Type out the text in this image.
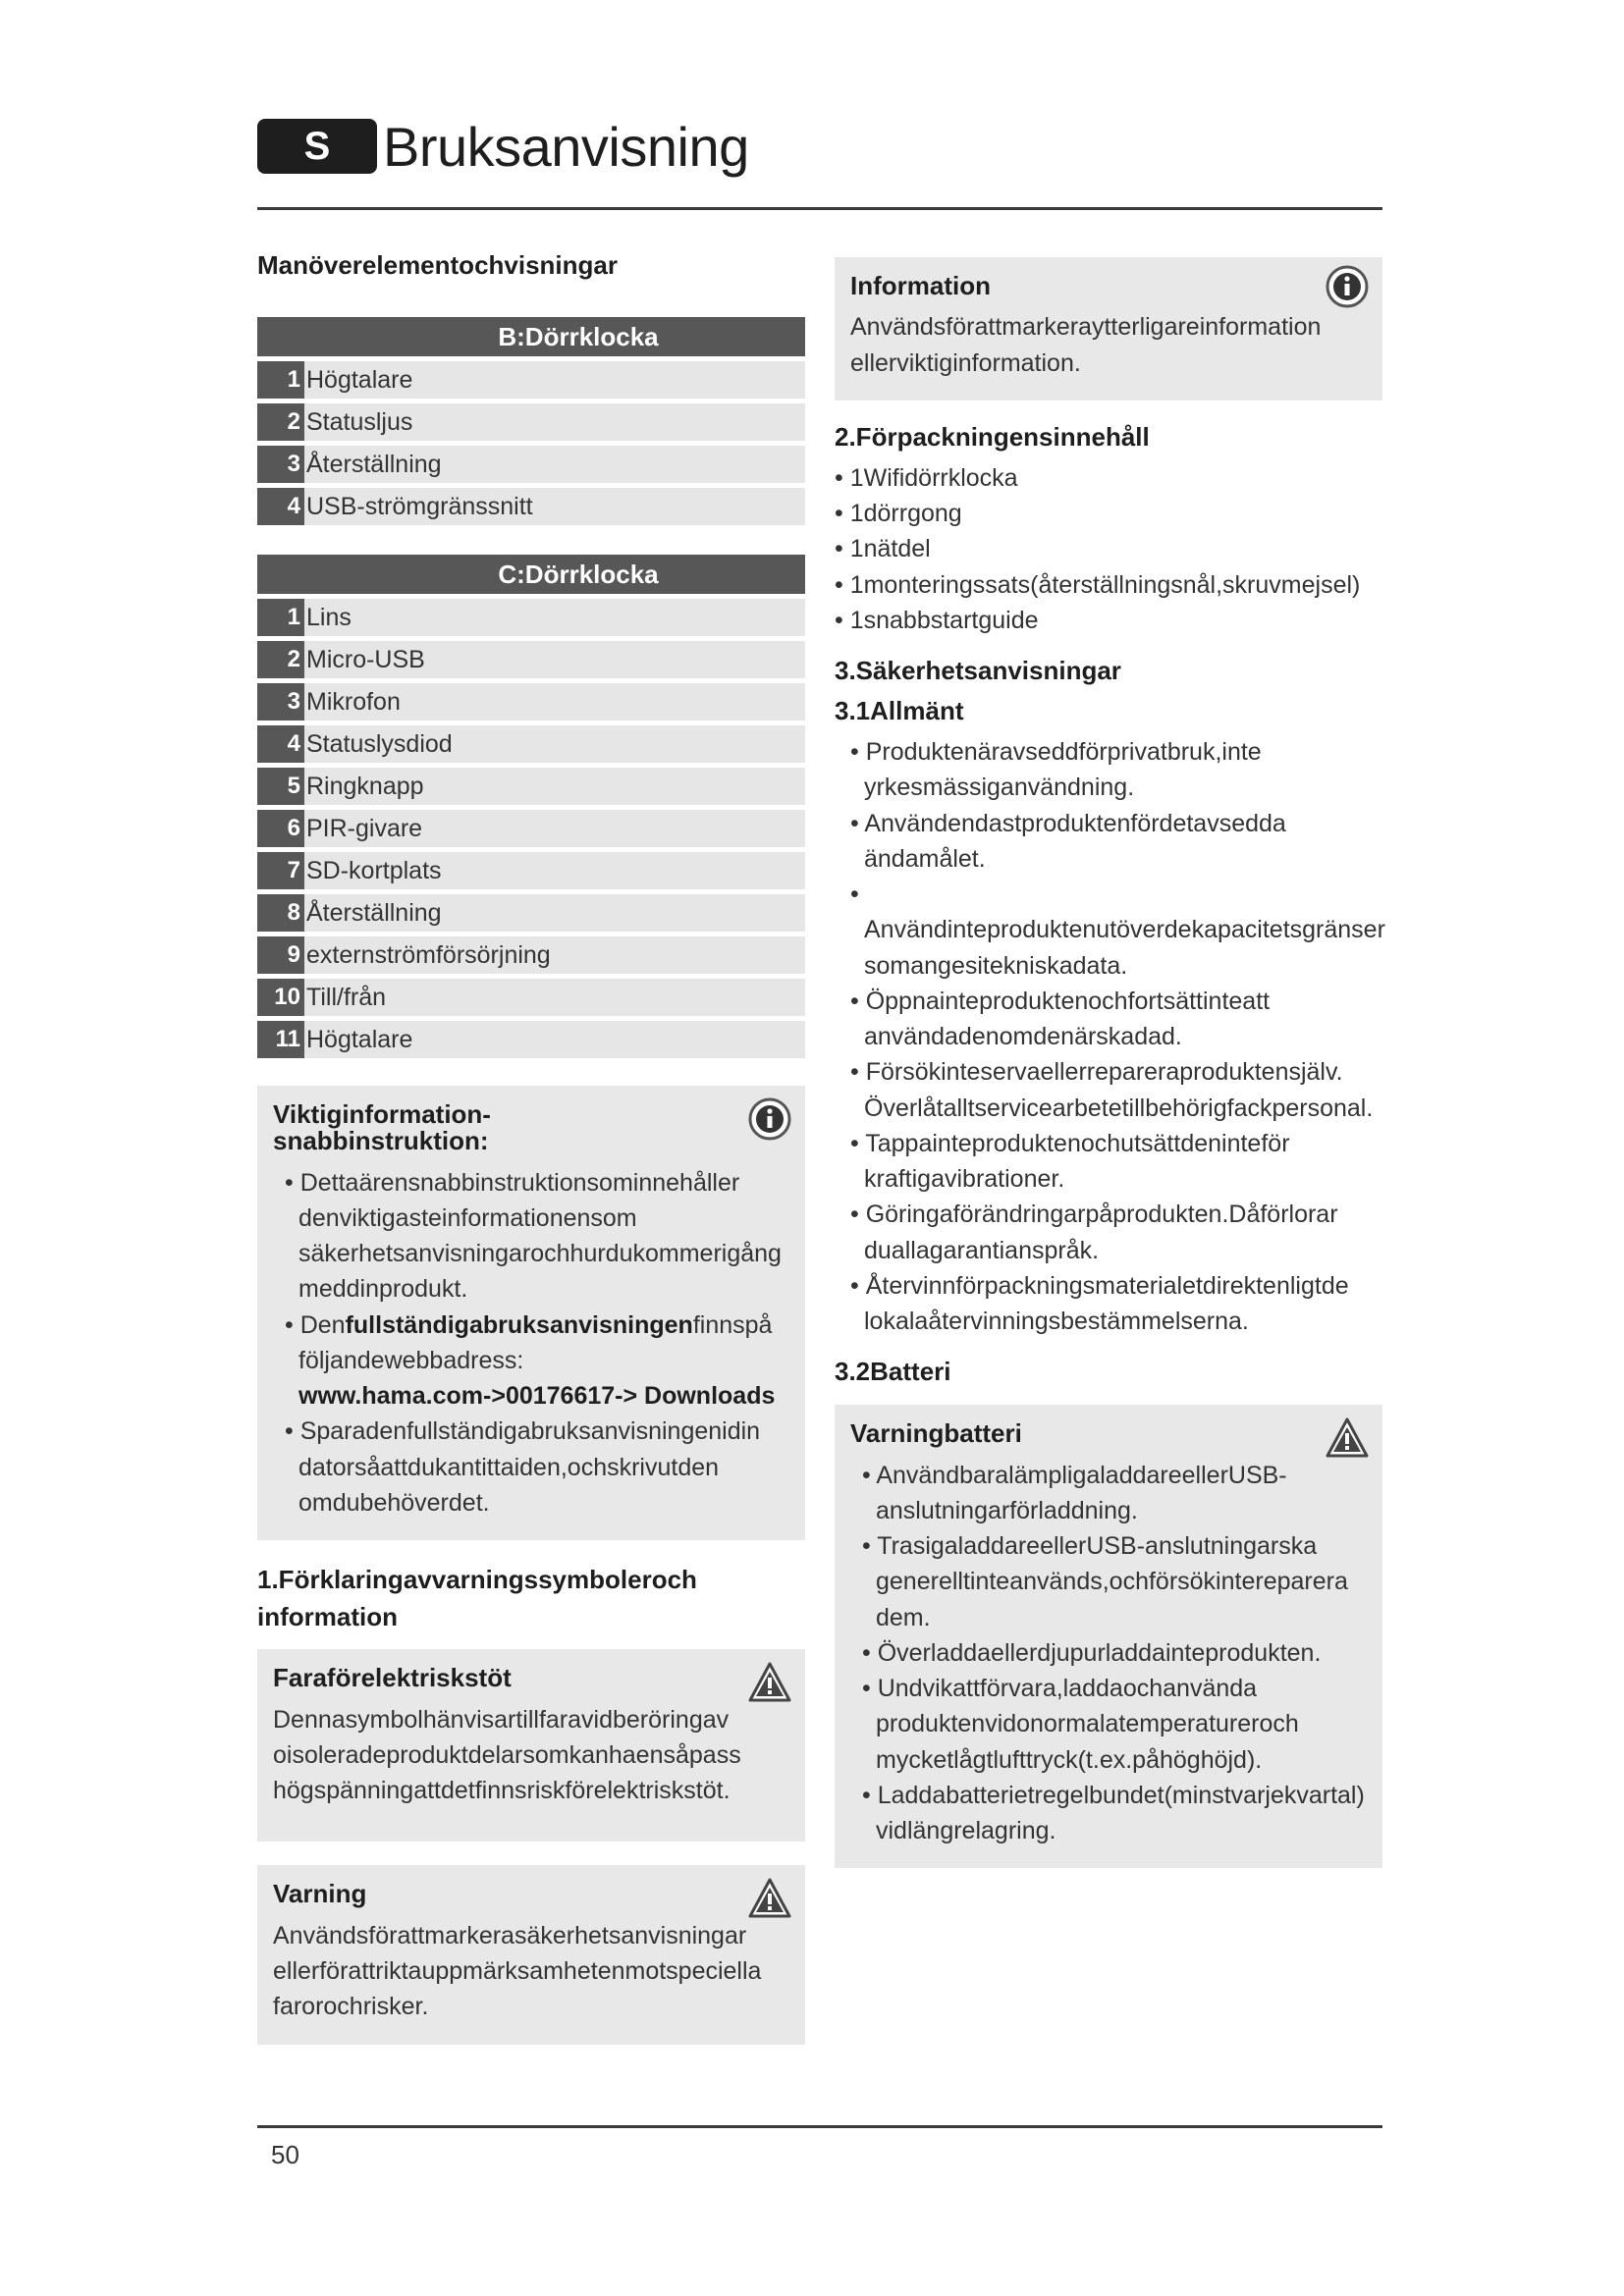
S Bruksanvisning
Manöverelementochvisningar
B:Dörrklocka
1 Högtalare
2 Statusljus
3 Återställning
4 USB-strömgränssnitt
C:Dörrklocka
1 Lins
2 Micro-USB
3 Mikrofon
4 Statuslysdiod
5 Ringknapp
6 PIR-givare
7 SD-kortplats
8 Återställning
9 externströmförsörjning
10 Till/från
11 Högtalare
Viktiginformation-snabbinstruktion:
• Dettaärensnabbinstruktionsominnehåller denviktigasteinformationensom säkerhetsanvisningarochhurdukommerigång meddinprodukt.
• Denfullständigabruksanvisningenfinnspå följandewebbadress:
www.hama.com->00176617-> Downloads
• Sparadenfullständigabruksanvisningenidin datorsåattdukantittaiden,ochskrivutden omdubehöverdet.
1.Förklaringavvarningssymboleroch information
Faraförelektriskstöt
Dennasymbolhänvisartillfaravidberöringav oisoleradeproduktdelarsomkanhaensåpass högspänningattdetfinnsriskförelektriskstöt.
Varning
Användsförattmarkerasäkerhetsanvisningar ellerförattriktauppmärksamhetenmotspeciella farorochrisker.
Information
Användsförattmarkeraytterligareinformation ellerviktiginformation.
2.Förpackningensinnehåll
• 1Wifidörrklocka
• 1dörrgong
• 1nätdel
• 1monteringssats(återställningsnål,skruvmejsel)
• 1snabbstartguide
3.Säkerhetsanvisningar
3.1Allmänt
• Produktenäravseddförprivatbruk,inte yrkesmässiganvändning.
• Användendastproduktenfördetavsedda ändamålet.
• Användinteproduktenutöverdekapacitetsgränser somangesitekniskadata.
• Öppnainteproduktenochfortsättinteatt användadenomdenärskadad.
• Försökinteservaellerrepareraproduktensjälv. Överlåtalltservicearbetetillbehörigfackpersonal.
• Tappainteproduktenochutsättdeninteför kraftigavibrationer.
• Göringaförändringarpåprodukten.Dåförlorar duallagarantianspråk.
• Återvinnförpackningsmaterialetdirektenligtde lokalaåtervinningsbestämmelserna.
3.2Batteri
Varningbatteri
• AnvändbaralämpligaladdareellerUSB-anslutningarförladdning.
• TrasigaladdareellerUSB-anslutningarska generelltinteanvänds,ochförsökintereparera dem.
• Överladdaellerdjupurladdainteprodukten.
• Undvikattförvara,laddaochanvända produktenvidonormalatemperatureroch mycketlågtlufttryck(t.ex.påhöghöjd).
• Laddabatterietregelbundet(minstvarjekvartal) vidlängrelagring.
50
